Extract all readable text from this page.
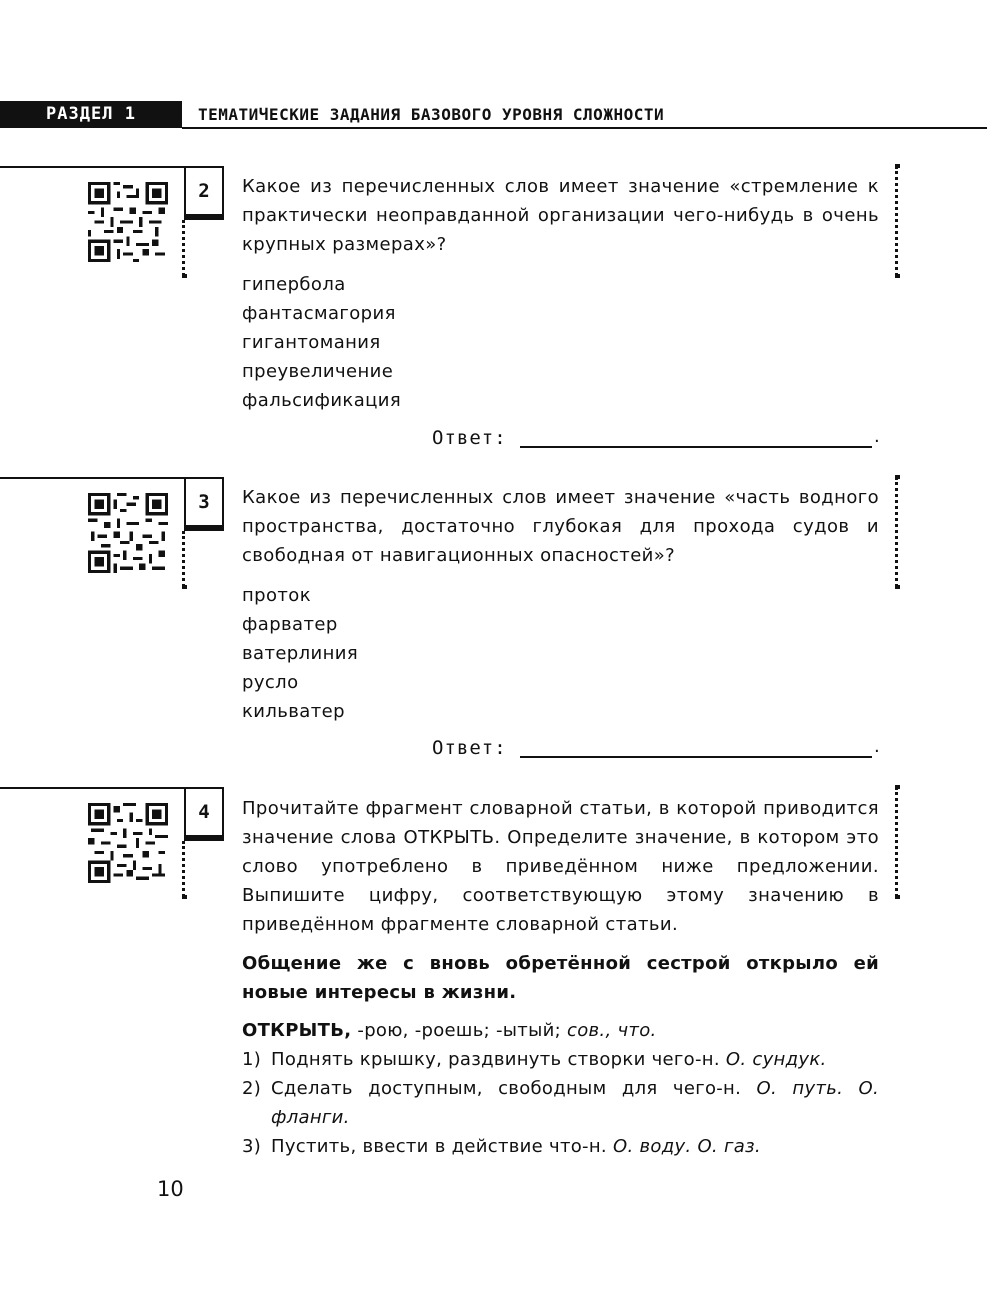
РАЗДЕЛ 1	ТЕМАТИЧЕСКИЕ ЗАДАНИЯ БАЗОВОГО УРОВНЯ СЛОЖНОСТИ
2	Какое из перечисленных слов имеет значение «стремление к практически неоправданной организации чего-нибудь в очень крупных размерах»?
гипербола
фантасмагория
гигантомания
преувеличение
фальсификация
Ответ:	.
3	Какое из перечисленных слов имеет значение «часть водного пространства, достаточно глубокая для прохода судов и свободная от навигационных опасностей»?
проток
фарватер
ватерлиния
русло
кильватер
Ответ:	.
4	Прочитайте фрагмент словарной статьи, в которой приводится значение слова ОТКРЫТЬ. Определите значение, в котором это слово употреблено в приведённом ниже предложении. Выпишите цифру, соответствующую этому значению в приведённом фрагменте словарной статьи.
Общение же с вновь обретённой сестрой открыло ей новые интересы в жизни.
ОТКРЫТЬ, -рою, -роешь; -ытый; сов., что.
1) Поднять крышку, раздвинуть створки чего-н. О. сундук.
2) Сделать доступным, свободным для чего-н. О. путь. О. фланги.
3) Пустить, ввести в действие что-н. О. воду. О. газ.
10
